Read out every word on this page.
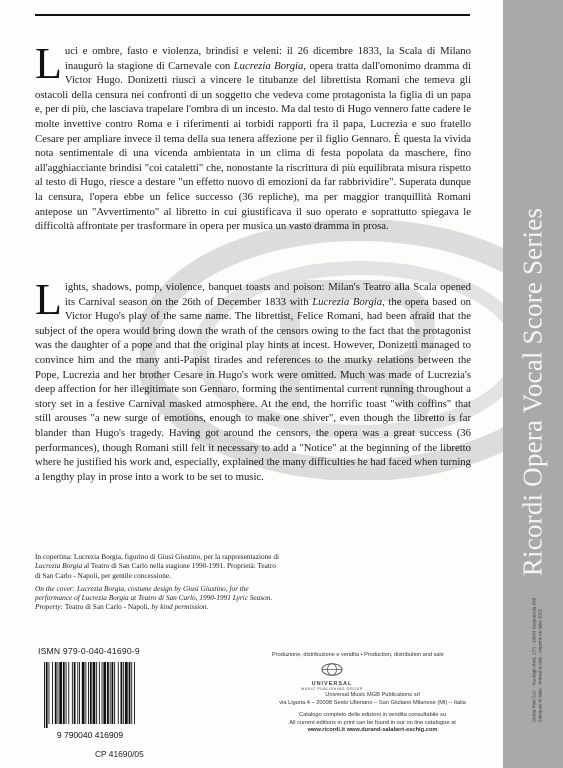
Luci e ombre, fasto e violenza, brindisi e veleni: il 26 dicembre 1833, la Scala di Milano inaugurò la stagione di Carnevale con Lucrezia Borgia, opera tratta dall'omonimo dramma di Victor Hugo. Donizetti riuscì a vincere le titubanze del librettista Romani che temeva gli ostacoli della censura nei confronti di un soggetto che vedeva come protagonista la figlia di un papa e, per di più, che lasciava trapelare l'ombra di un incesto. Ma dal testo di Hugo vennero fatte cadere le molte invettive contro Roma e i riferimenti ai torbidi rapporti fra il papa, Lucrezia e suo fratello Cesare per ampliare invece il tema della sua tenera affezione per il figlio Gennaro. È questa la vivida nota sentimentale di una vicenda ambientata in un clima di festa popolata da maschere, fino all'agghiacciante brindisi "coi cataletti" che, nonostante la riscrittura di più equilibrata misura rispetto al testo di Hugo, riesce a destare "un effetto nuovo di emozioni da far rabbrividire". Superata dunque la censura, l'opera ebbe un felice successo (36 repliche), ma per maggior tranquillità Romani antepose un "Avvertimento" al libretto in cui giustificava il suo operato e soprattutto spiegava le difficoltà affrontate per trasformare in opera per musica un vasto dramma in prosa.
Lights, shadows, pomp, violence, banquet toasts and poison: Milan's Teatro alla Scala opened its Carnival season on the 26th of December 1833 with Lucrezia Borgia, the opera based on Victor Hugo's play of the same name. The librettist, Felice Romani, had been afraid that the subject of the opera would bring down the wrath of the censors owing to the fact that the protagonist was the daughter of a pope and that the original play hints at incest. However, Donizetti managed to convince him and the many anti-Papist tirades and references to the murky relations between the Pope, Lucrezia and her brother Cesare in Hugo's work were omitted. Much was made of Lucrezia's deep affection for her illegitimate son Gennaro, forming the sentimental current running throughout a story set in a festive Carnival masked atmosphere. At the end, the horrific toast "with coffins" that still arouses "a new surge of emotions, enough to make one shiver", even though the libretto is far blander than Hugo's tragedy. Having got around the censors, the opera was a great success (36 performances), though Romani still felt it necessary to add a "Notice" at the beginning of the libretto where he justified his work and, especially, explained the many difficulties he had faced when turning a lengthy play in prose into a work to be set to music.

In copertina: Lucrezia Borgia, figurino di Giusi Giustino, per la rappresentazione di Lucrezia Borgia al Teatro di San Carlo nella stagione 1990-1991. Proprietà: Teatro di San Carlo - Napoli, per gentile concessione.

On the cover: Lucrezia Borgia, costume design by Giusi Giustino, for the performance of Lucrezia Borgia at Teatro di San Carlo, 1990-1991 Lyric Season. Property: Teatro di San Carlo - Napoli, by kind permission.

ISMN 979-0-040-41690-9
9 790040 416909
CP 41690/05
Produzione, distribuzione e vendita • Production, distribution and sale
UNIVERSAL
MUSIC PUBLISHING GROUP
Universal Music MGB Publications srl
via Liguria 4 – 20098 Sesto Ulteriano – San Giuliano Milanese (MI) – Italia
Catalogo completo delle edizioni in vendita consultabile su
All current editions in print can be found in our on line catalogue at
www.ricordi.it www.durand-salabert-eschig.com
Ricordi Opera Vocal Score Series
Global Print S.r.l. - Via degli Abeti, 17/1 - 20064 Gorgonzola (MI) Stampato in Italia - Printed in Italy - Imprimé en Italie 2013
